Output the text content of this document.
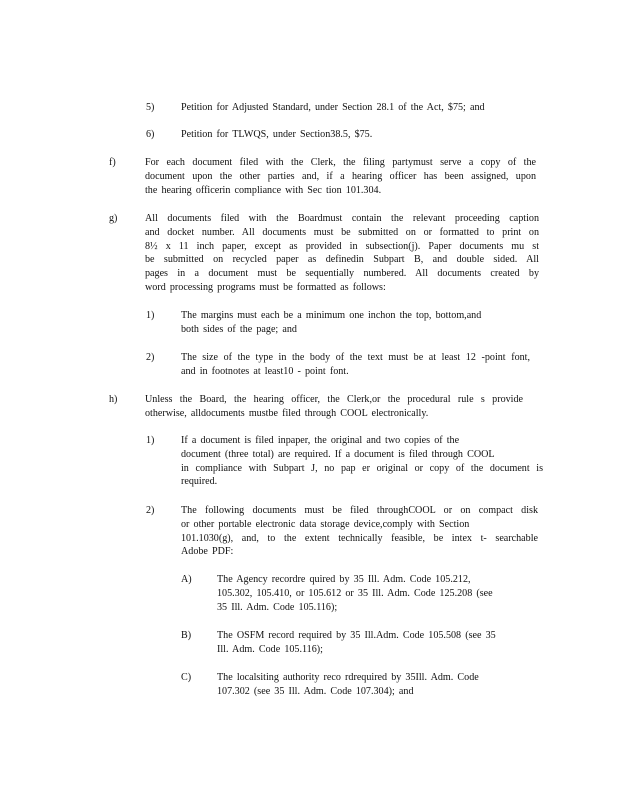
5)	Petition for Adjusted Standard, under Section 28.1 of the Act, $75; and
6)	Petition for TLWQS, under Section38.5, $75.
f)	For each document filed with the Clerk, the filing partymust serve a copy of the
document upon the other parties and, if a hearing officer has been assigned, upon
the hearing officerin compliance with Sec tion 101.304.
g)	All documents filed with the Boardmust contain the relevant proceeding caption
and docket number. All documents must be submitted on or formatted to print on
8½ x 11 inch paper, except as provided in subsection(j). Paper documents mu st
be submitted on recycled paper as definedin Subpart B, and double sided. All
pages in a document must be sequentially numbered. All documents created by
word processing programs must be formatted as follows:
1)	The margins must each be a minimum one inchon the top, bottom,and
both sides of the page; and
2)	The size of the type in the body of the text must be at least 12 -point font,
and in footnotes at least10 - point font.
h)	Unless the Board, the hearing officer, the Clerk,or the procedural rule s provide
otherwise, alldocuments mustbe filed through COOL electronically.
1)	If a document is filed inpaper, the original and two copies of the
document (three total) are required. If a document is filed through COOL
in compliance with Subpart J, no pap er original or copy of the document is
required.
2)	The following documents must be filed throughCOOL or on compact disk
or other portable electronic data storage device,comply with Section
101.1030(g), and, to the extent technically feasible, be intex t- searchable
Adobe PDF:
A)	The Agency recordre quired by 35 Ill. Adm. Code 105.212,
105.302, 105.410, or 105.612 or 35 Ill. Adm. Code 125.208 (see
35 Ill. Adm. Code 105.116);
B)	The OSFM record required by 35 Ill.Adm. Code 105.508 (see 35
Ill. Adm. Code 105.116);
C)	The localsiting authority reco rdrequired by 35Ill. Adm. Code
107.302 (see 35 Ill. Adm. Code 107.304); and
